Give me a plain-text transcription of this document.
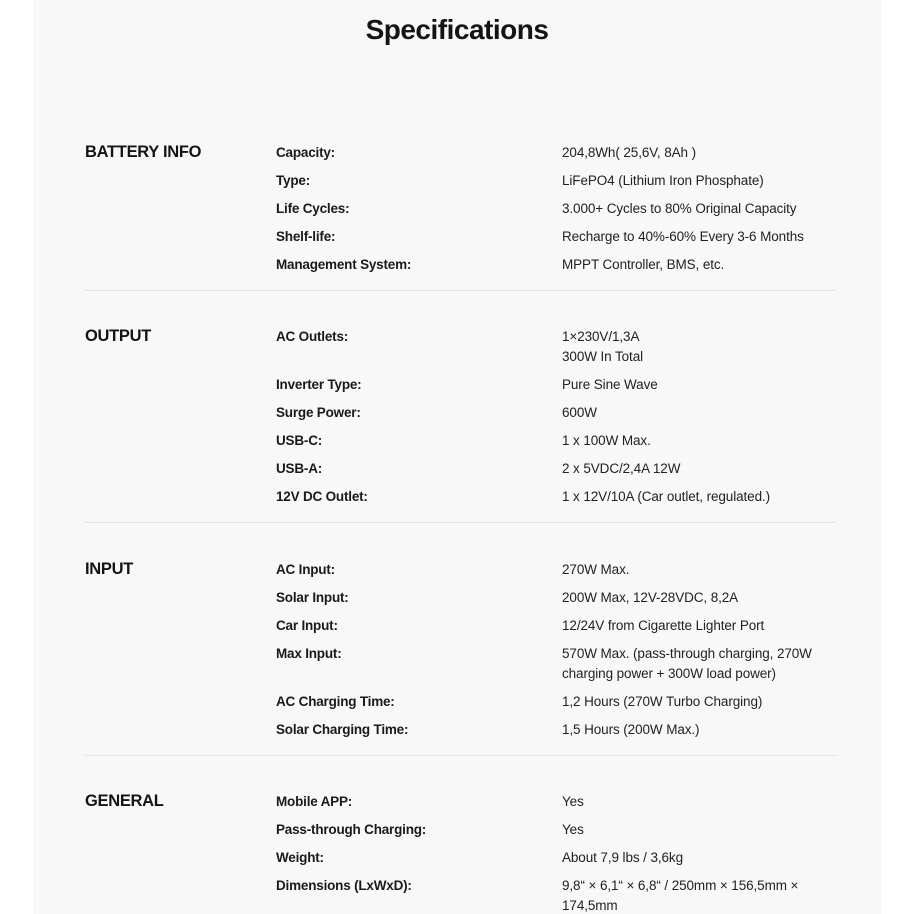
Specifications
BATTERY INFO	Capacity:	204,8Wh( 25,6V, 8Ah )
Type:	LiFePO4 (Lithium Iron Phosphate)
Life Cycles:	3.000+ Cycles to 80% Original Capacity
Shelf-life:	Recharge to 40%-60% Every 3-6 Months
Management System:	MPPT Controller, BMS, etc.
OUTPUT	AC Outlets:	1×230V/1,3A
300W In Total
Inverter Type:	Pure Sine Wave
Surge Power:	600W
USB-C:	1 x 100W Max.
USB-A:	2 x 5VDC/2,4A 12W
12V DC Outlet:	1 x 12V/10A (Car outlet, regulated.)
INPUT	AC Input:	270W Max.
Solar Input:	200W Max, 12V-28VDC, 8,2A
Car Input:	12/24V from Cigarette Lighter Port
Max Input:	570W Max. (pass-through charging, 270W charging power + 300W load power)
AC Charging Time:	1,2 Hours (270W Turbo Charging)
Solar Charging Time:	1,5 Hours (200W Max.)
GENERAL	Mobile APP:	Yes
Pass-through Charging:	Yes
Weight:	About 7,9 lbs / 3,6kg
Dimensions (LxWxD):	9,8“ × 6,1“ × 6,8“ / 250mm × 156,5mm × 174,5mm
